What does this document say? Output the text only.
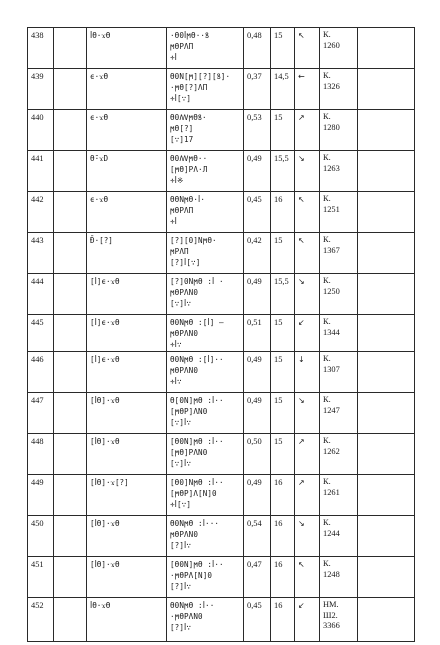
438		ꟾϴ·ϫϴ	·ϴ0ꟾϻϴ··ꝸ
ϻϴΡΛΠ
∻ꟾ	0,48	15	↖	К.
1260	

439		ϵ·ϫϴ	ϴ0Ν[ϻ][?][ꝸ]·
·ϻϴ[?]ΛΠ
∻ꟾ[∵]	0,37	14,5	←	К.
1326	

440		ϵ·ϫϴ	ϴ0ꟿϻϴꝸ·
ϻϴ[?]
[∵]17	0,53	15	↗	К.
1280	

441		ϴ̄·ϫD	ϴ0ꟿϻϴ··
[ϻϴ]ΡΛ·Л
∻ꟾ※	0,49	15,5	↘	К.
1263	

442		ϵ·ϫϴ	ϴϴΝϻϴ·ꟾ·
ϻϴΡΛΠ
∻ꟾ	0,45	16	↖	К.
1251	

443		Ð̄·[?]	[?][0]Νϻϴ·
ϻΡΛΠ
[?]ꟾ[∵]	0,42	15	↖	К.
1367	

444		[ꟾ]ϵ·ϫϴ	[?]0Νϻϴ :ꟾ ·
ϻϴΡΛΝ0
[∵]ꟾ∵	0,49	15,5	↘	К.
1250	

445		[ꟾ]ϵ·ϫϴ	ϴ0Νϻϴ :[ꟾ] –
ϻϴΡΛΝ0
∻ꟾ∵	0,51	15	↙	К.
1344	

446		[ꟾ]ϵ·ϫϴ	ϴ0Νϻϴ :[ꟾ]··
ϻϴΡΛΝ0
∻ꟾ∵	0,49	15	↓	К.
1307	

447		[ꟾϴ]·ϫϴ	ϴ[0Ν]ϻϴ :ꟾ··
[ϻϴΡ]ΛΝ0
[∵]ꟾ∵	0,49	15	↘	К.
1247	

448		[ꟾϴ]·ϫϴ	[ϴ0Ν]ϻϴ :ꟾ··
[ϻϴ]ΡΛΝ0
[∵]ꟾ∵	0,50	15	↗	К.
1262	

449		[ꟾϴ]·ϫ[?]	[ϴ0]Νϻϴ :ꟾ··
[ϻϴΡ]Λ[Ν]0
∻ꟾ[∵]	0,49	16	↗	К.
1261	

450		[ꟾϴ]·ϫϴ	ϴ0Νϻϴ :ꟾ···
ϻϴΡΛΝ0
[?]ꟾ∵	0,54	16	↘	К.
1244	

451		[ꟾϴ]·ϫϴ	[ϴ0Ν]ϻϴ :ꟾ··
·ϻϴΡΛ[Ν]0
[?]ꟾ∵	0,47	16	↖	К.
1248	

452		ꟾϴ·ϫϴ	ϴ0Νϻϴ :ꟾ··
·ϻϴΡΛΝ0
[?]ꟾ∵	0,45	16	↙	НМ.
Ш2.
3366	
